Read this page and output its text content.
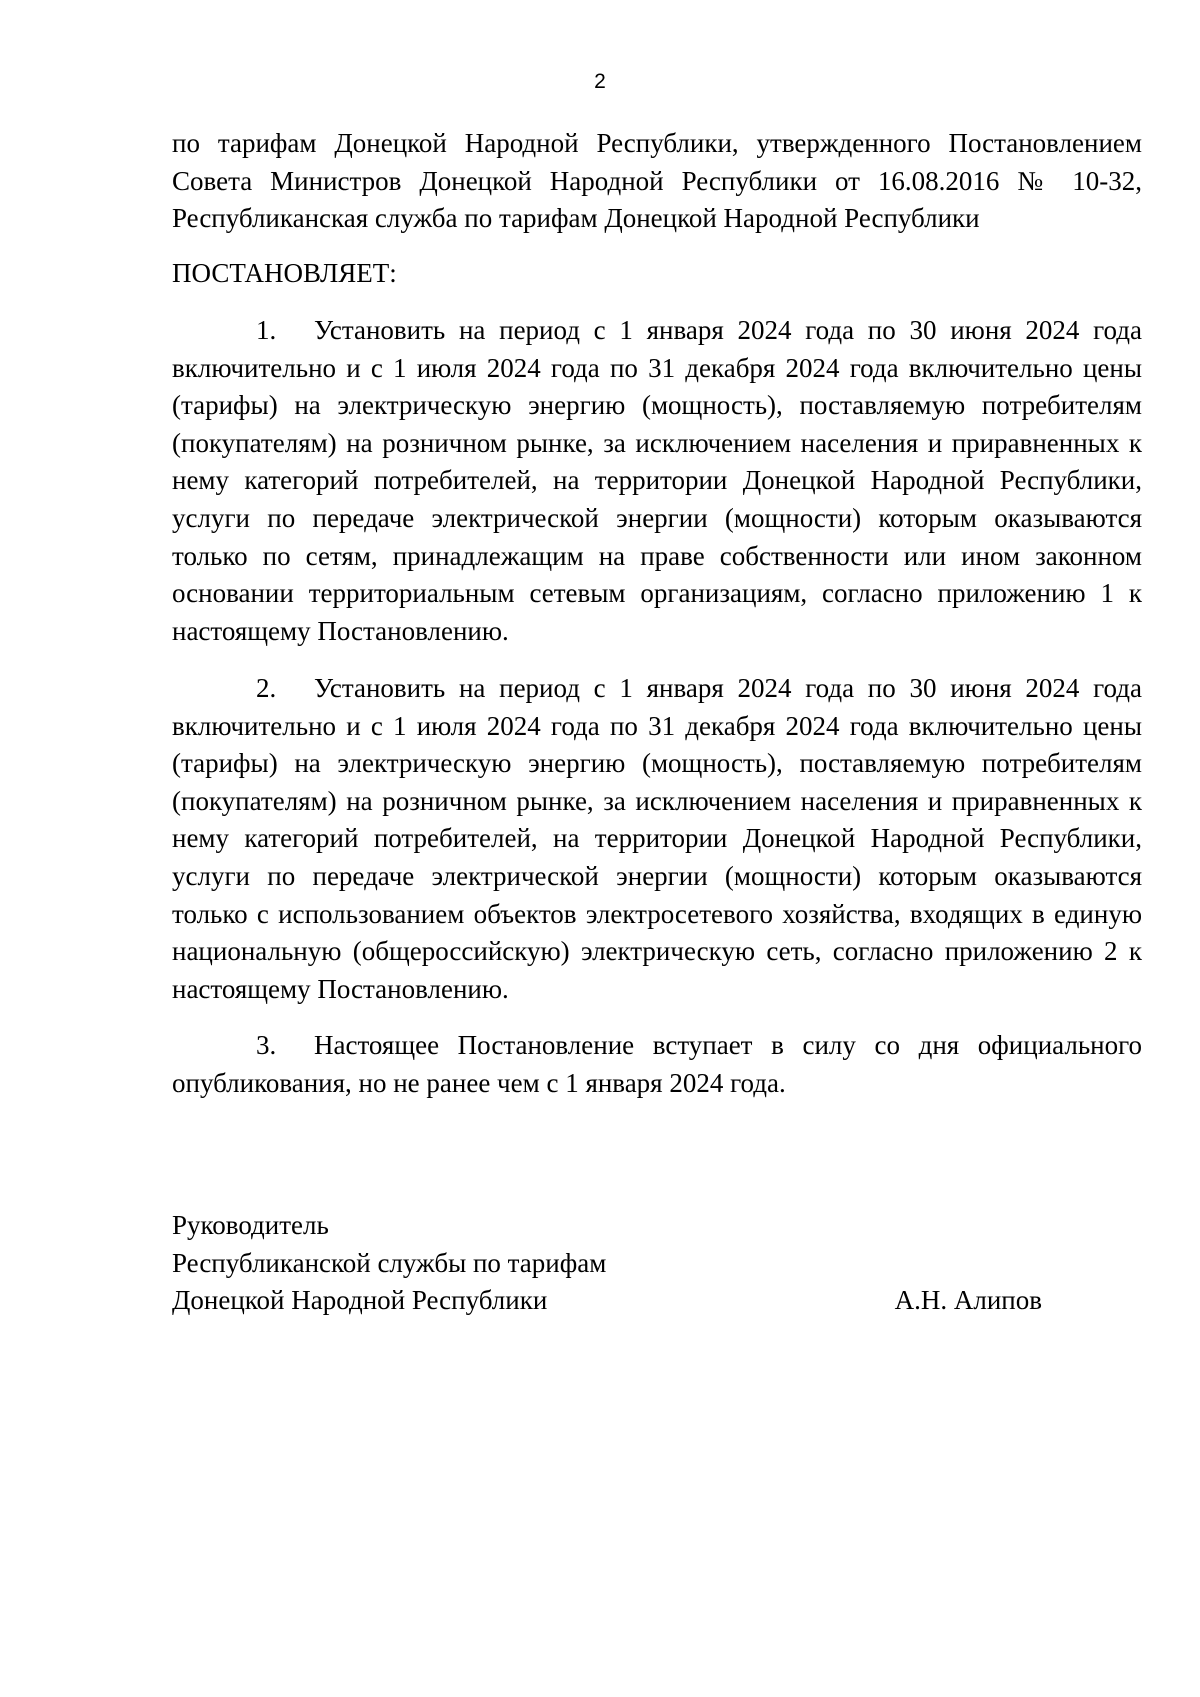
2

по тарифам Донецкой Народной Республики, утвержденного Постановлением Совета Министров Донецкой Народной Республики от 16.08.2016 № 10-32, Республиканская служба по тарифам Донецкой Народной Республики

ПОСТАНОВЛЯЕТ:

1. Установить на период с 1 января 2024 года по 30 июня 2024 года включительно и с 1 июля 2024 года по 31 декабря 2024 года включительно цены (тарифы) на электрическую энергию (мощность), поставляемую потребителям (покупателям) на розничном рынке, за исключением населения и приравненных к нему категорий потребителей, на территории Донецкой Народной Республики, услуги по передаче электрической энергии (мощности) которым оказываются только по сетям, принадлежащим на праве собственности или ином законном основании территориальным сетевым организациям, согласно приложению 1 к настоящему Постановлению.

2. Установить на период с 1 января 2024 года по 30 июня 2024 года включительно и с 1 июля 2024 года по 31 декабря 2024 года включительно цены (тарифы) на электрическую энергию (мощность), поставляемую потребителям (покупателям) на розничном рынке, за исключением населения и приравненных к нему категорий потребителей, на территории Донецкой Народной Республики, услуги по передаче электрической энергии (мощности) которым оказываются только с использованием объектов электросетевого хозяйства, входящих в единую национальную (общероссийскую) электрическую сеть, согласно приложению 2 к настоящему Постановлению.

3. Настоящее Постановление вступает в силу со дня официального опубликования, но не ранее чем с 1 января 2024 года.

Руководитель
Республиканской службы по тарифам
Донецкой Народной Республики	А.Н. Алипов
